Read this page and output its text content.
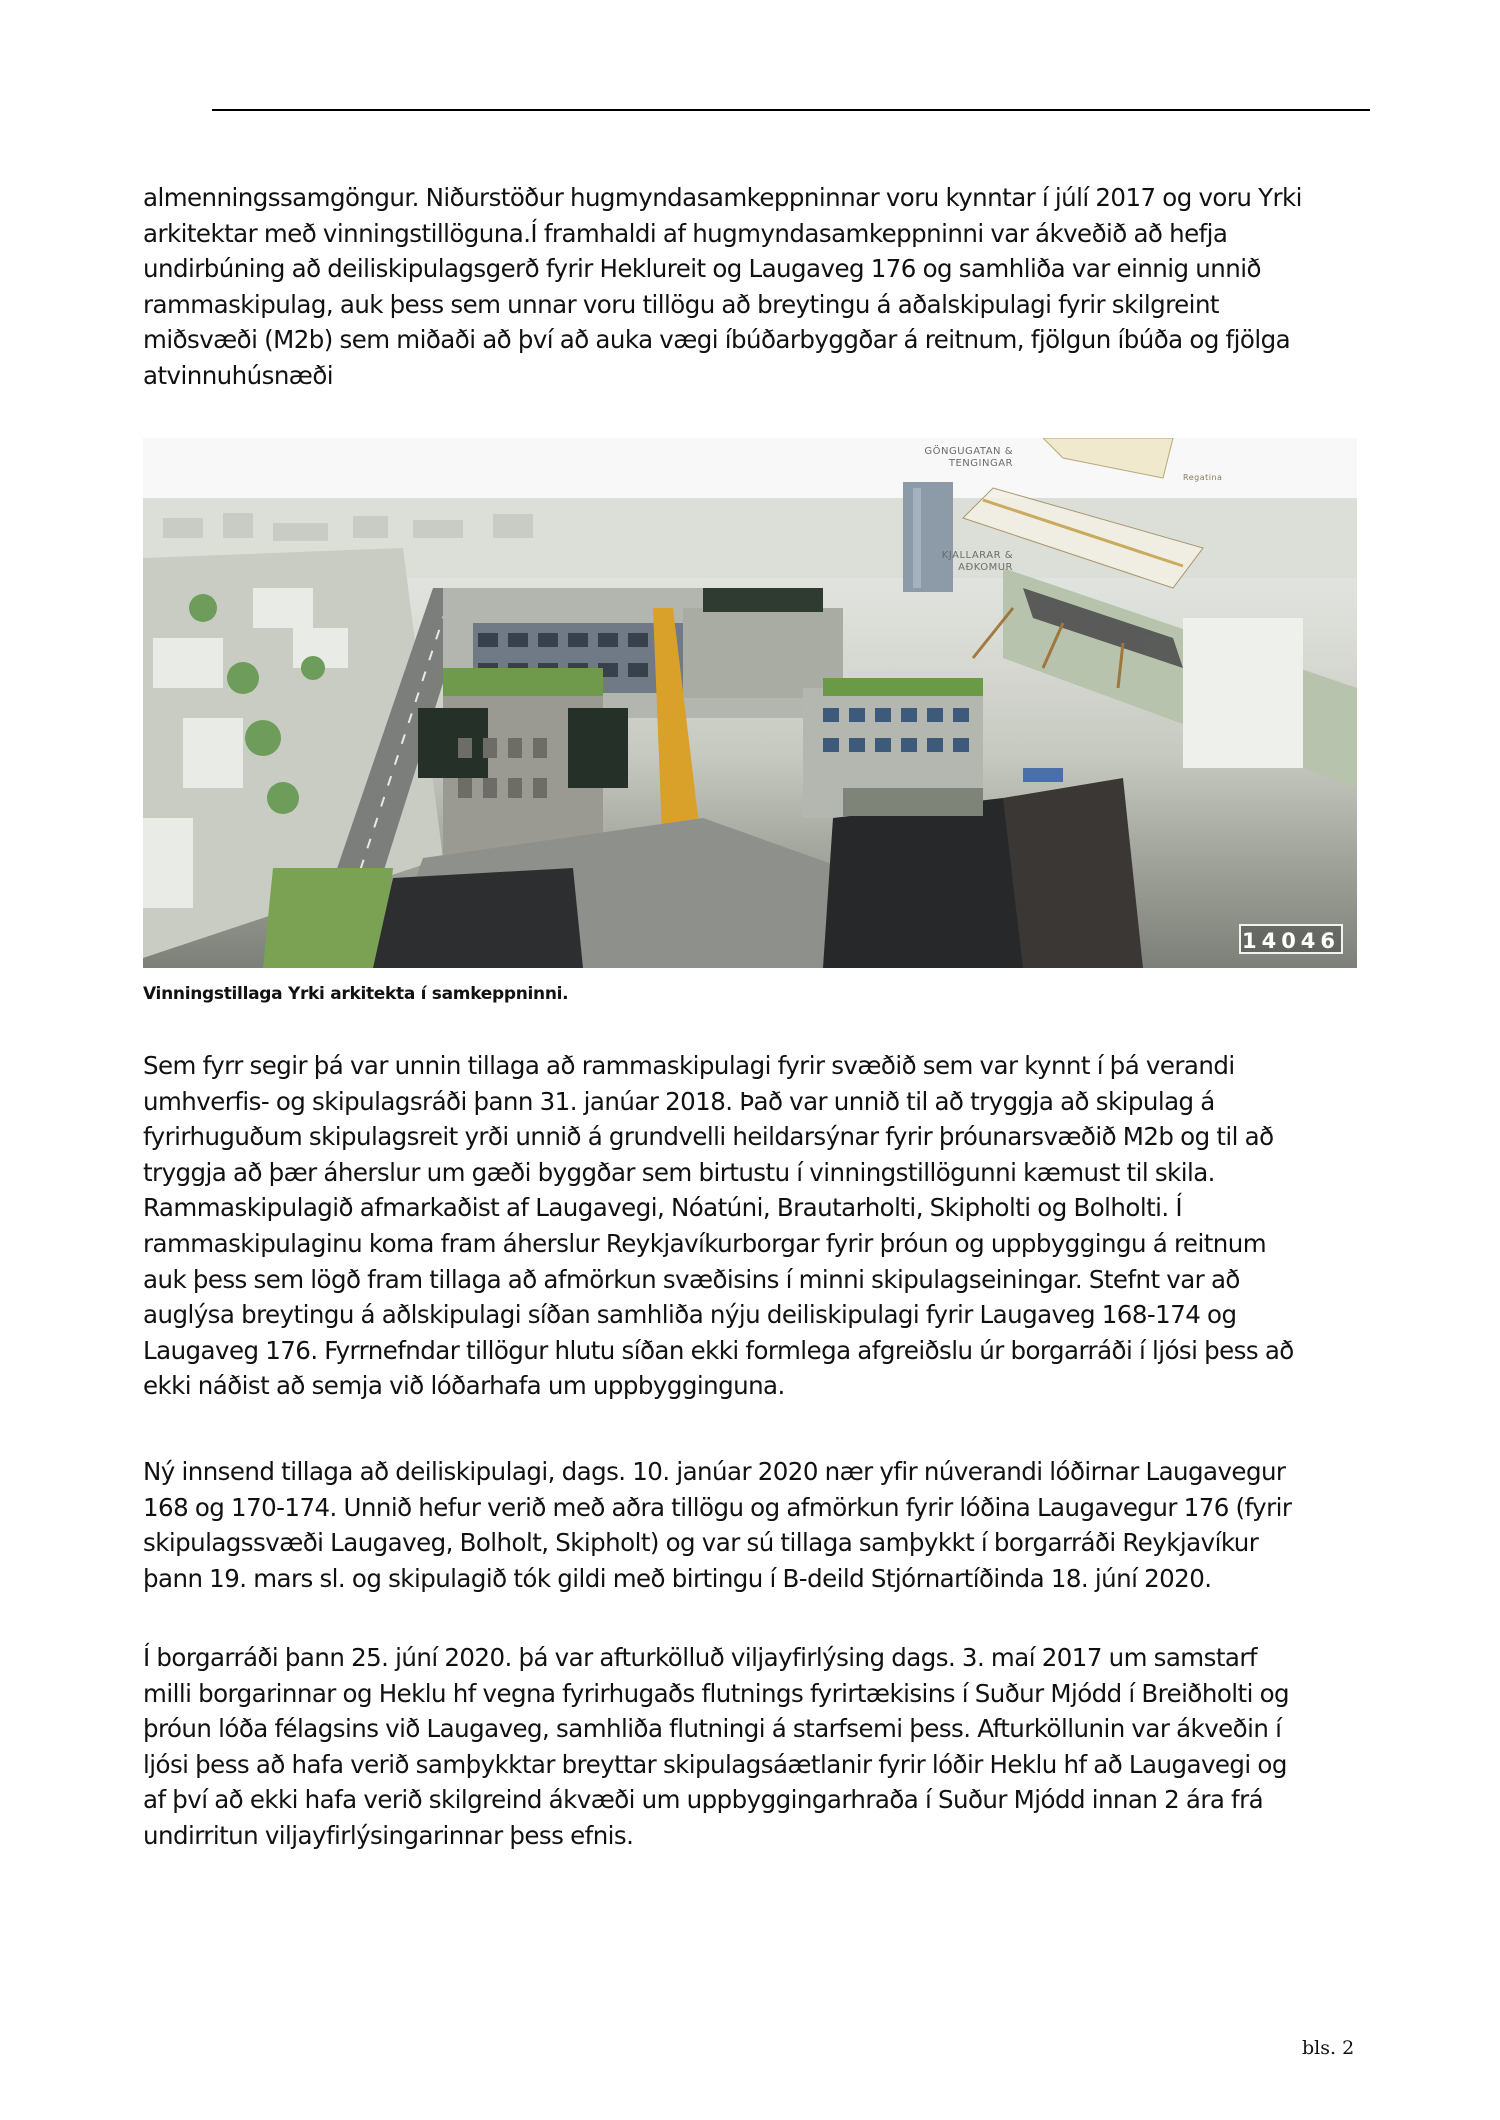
almenningssamgöngur. Niðurstöður hugmyndasamkeppninnar voru kynntar í júlí 2017 og voru Yrki
arkitektar með vinningstillöguna.Í framhaldi af hugmyndasamkeppninni var ákveðið að hefja
undirbúning að deiliskipulagsgerð fyrir Heklureit og Laugaveg 176 og samhliða var einnig unnið
rammaskipulag, auk þess sem unnar voru tillögu að breytingu á aðalskipulagi fyrir skilgreint
miðsvæði (M2b) sem miðaði að því að auka vægi íbúðarbyggðar á reitnum, fjölgun íbúða og fjölga
atvinnuhúsnæði
GÖNGUGATAN &
TENGINGAR
KJALLARAR &
AÐKOMUR
Regatina
14046
Vinningstillaga Yrki arkitekta í samkeppninni.
Sem fyrr segir þá var unnin tillaga að rammaskipulagi fyrir svæðið sem var kynnt í þá verandi
umhverfis- og skipulagsráði þann 31. janúar 2018. Það var unnið til að tryggja að skipulag á
fyrirhuguðum skipulagsreit yrði unnið á grundvelli heildarsýnar fyrir þróunarsvæðið M2b og til að
tryggja að þær áherslur um gæði byggðar sem birtustu í vinningstillögunni kæmust til skila.
Rammaskipulagið afmarkaðist af Laugavegi, Nóatúni, Brautarholti, Skipholti og Bolholti. Í
rammaskipulaginu koma fram áherslur Reykjavíkurborgar fyrir þróun og uppbyggingu á reitnum
auk þess sem lögð fram tillaga að afmörkun svæðisins í minni skipulagseiningar. Stefnt var að
auglýsa breytingu á aðlskipulagi síðan samhliða nýju deiliskipulagi fyrir Laugaveg 168-174 og
Laugaveg 176. Fyrrnefndar tillögur hlutu síðan ekki formlega afgreiðslu úr borgarráði í ljósi þess að
ekki náðist að semja við lóðarhafa um uppbygginguna.
Ný innsend tillaga að deiliskipulagi, dags. 10. janúar 2020 nær yfir núverandi lóðirnar Laugavegur
168 og 170-174. Unnið hefur verið með aðra tillögu og afmörkun fyrir lóðina Laugavegur 176 (fyrir
skipulagssvæði Laugaveg, Bolholt, Skipholt) og var sú tillaga samþykkt í borgarráði Reykjavíkur
þann 19. mars sl. og skipulagið tók gildi með birtingu í B-deild Stjórnartíðinda 18. júní 2020.
Í borgarráði þann 25. júní 2020. þá var afturkölluð viljayfirlýsing dags. 3. maí 2017 um samstarf
milli borgarinnar og Heklu hf vegna fyrirhugaðs flutnings fyrirtækisins í Suður Mjódd í Breiðholti og
þróun lóða félagsins við Laugaveg, samhliða flutningi á starfsemi þess. Afturköllunin var ákveðin í
ljósi þess að hafa verið samþykktar breyttar skipulagsáætlanir fyrir lóðir Heklu hf að Laugavegi og
af því að ekki hafa verið skilgreind ákvæði um uppbyggingarhraða í Suður Mjódd innan 2 ára frá
undirritun viljayfirlýsingarinnar þess efnis.
bls. 2
